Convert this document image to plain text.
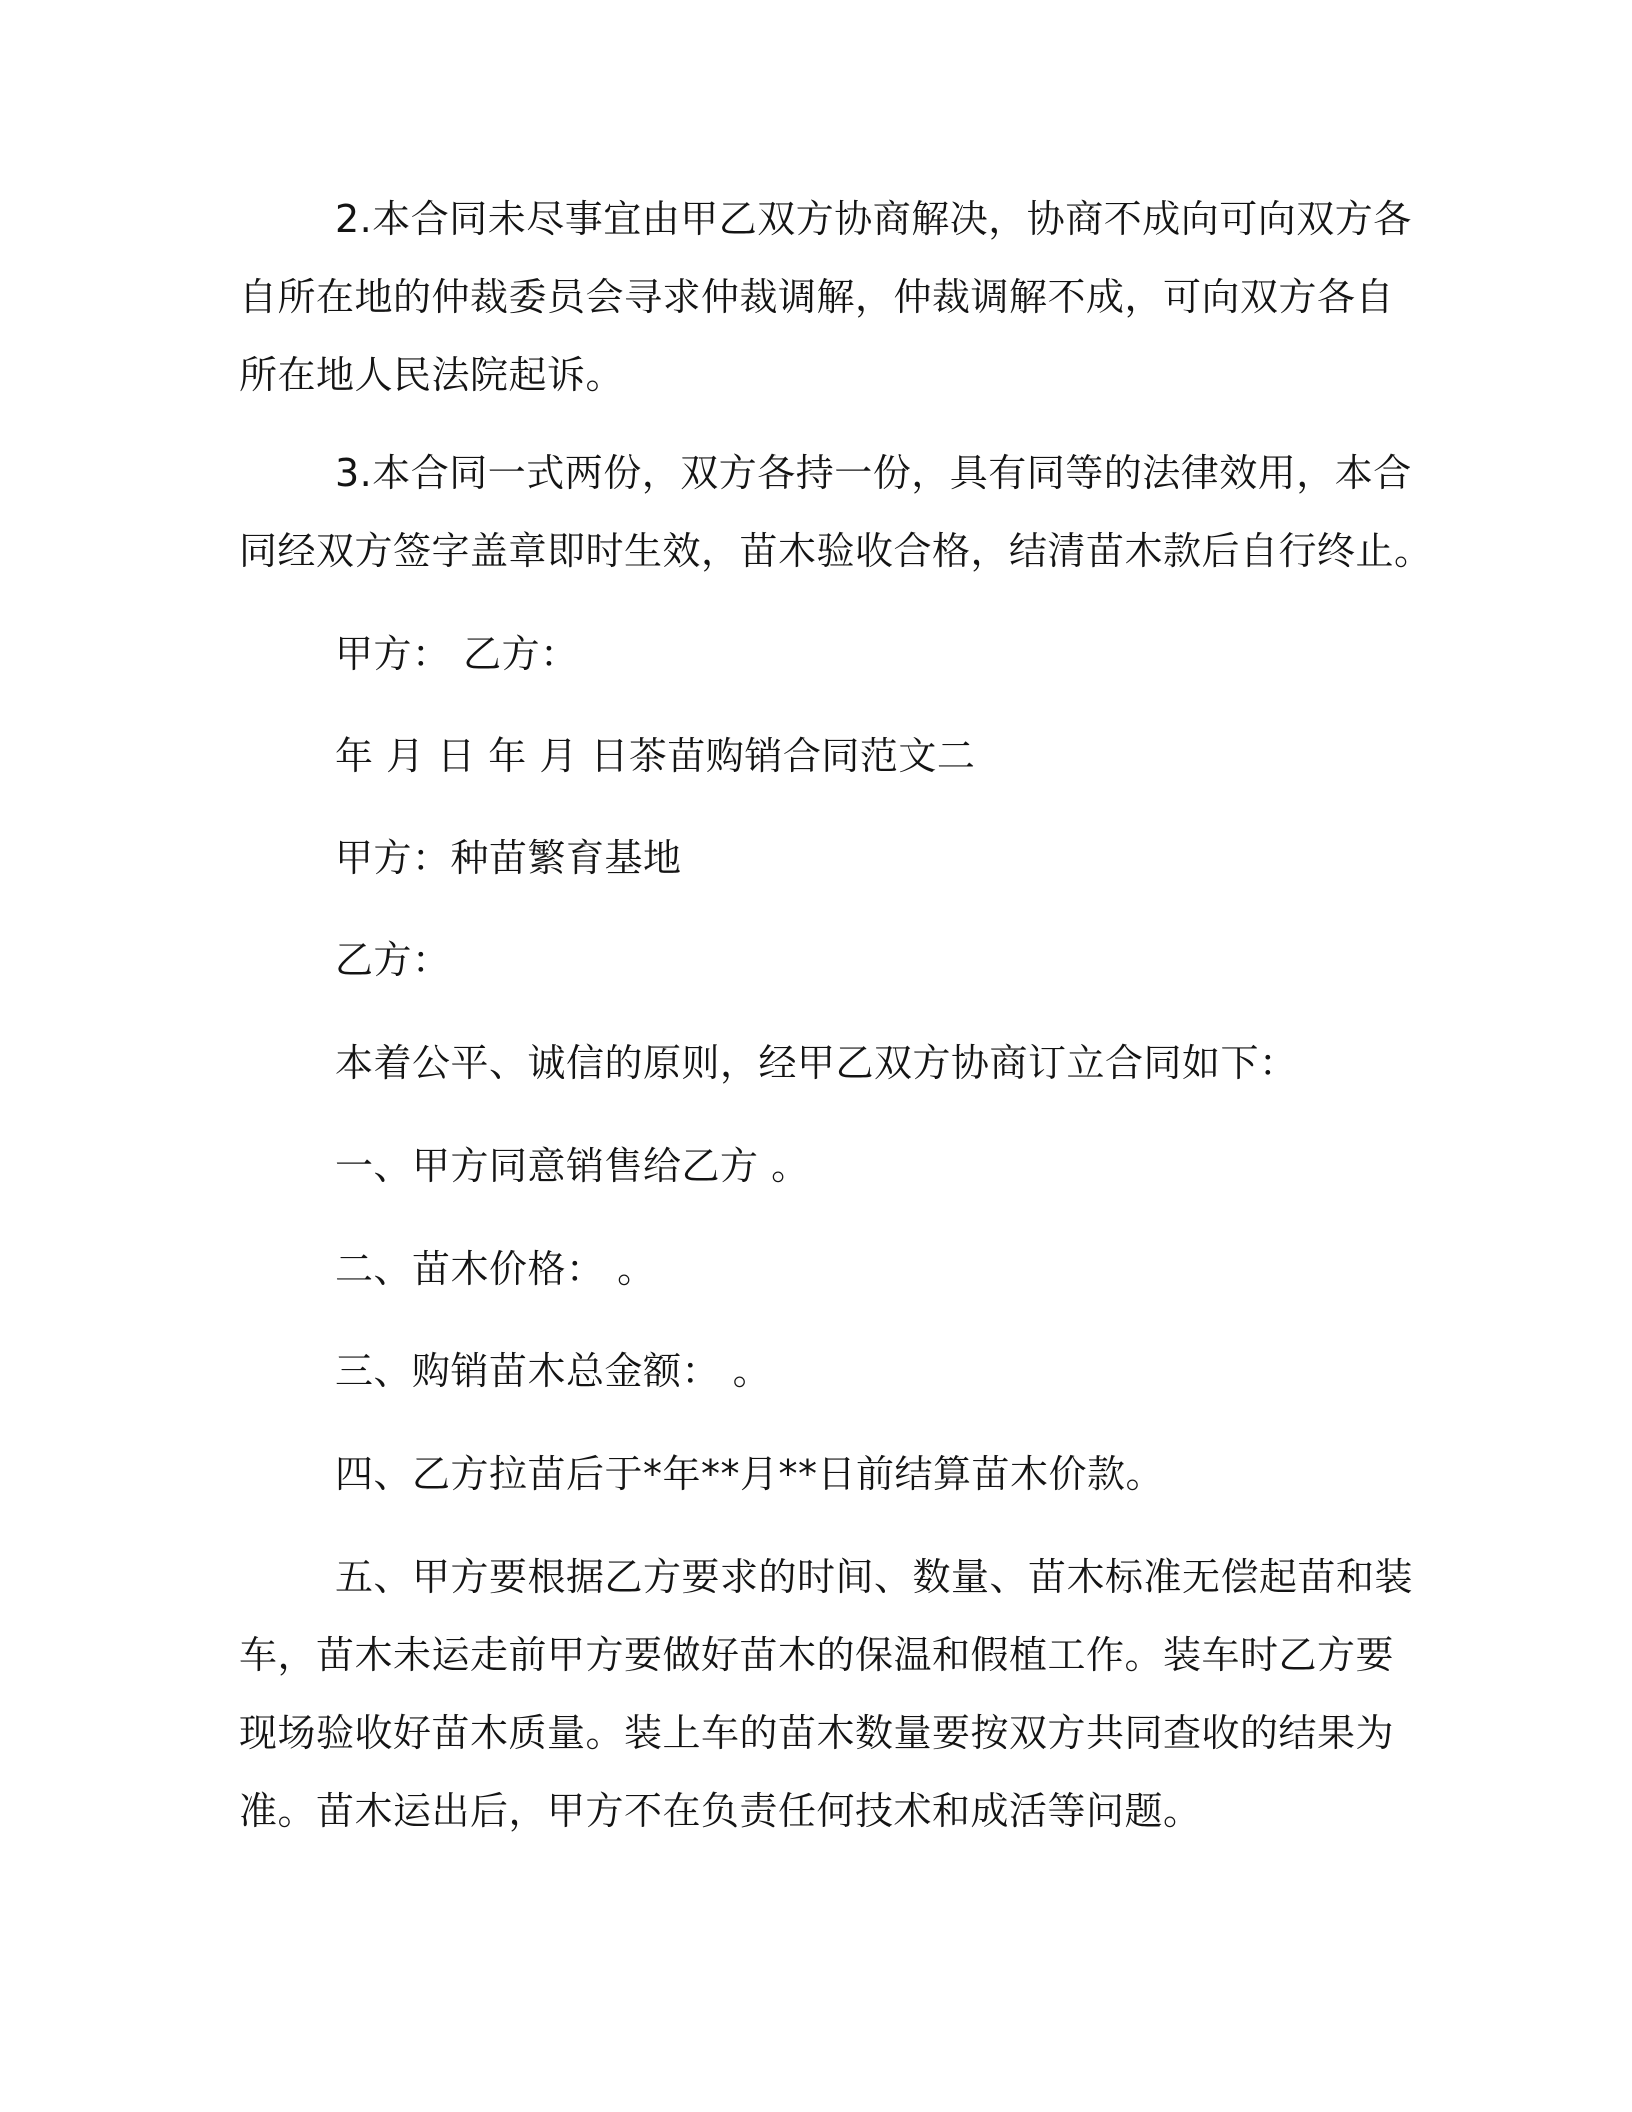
2.本合同未尽事宜由甲乙双方协商解决，协商不成向可向双方各
自所在地的仲裁委员会寻求仲裁调解，仲裁调解不成，可向双方各自
所在地人民法院起诉。

3.本合同一式两份，双方各持一份，具有同等的法律效用，本合
同经双方签字盖章即时生效，苗木验收合格，结清苗木款后自行终止。

甲方： 乙方：

年 月 日 年 月 日茶苗购销合同范文二

甲方：种苗繁育基地

乙方：

本着公平、诚信的原则，经甲乙双方协商订立合同如下：

一、甲方同意销售给乙方 。

二、苗木价格： 。

三、购销苗木总金额： 。

四、乙方拉苗后于*年**月**日前结算苗木价款。

五、甲方要根据乙方要求的时间、数量、苗木标准无偿起苗和装
车，苗木未运走前甲方要做好苗木的保温和假植工作。装车时乙方要
现场验收好苗木质量。装上车的苗木数量要按双方共同查收的结果为
准。苗木运出后，甲方不在负责任何技术和成活等问题。
